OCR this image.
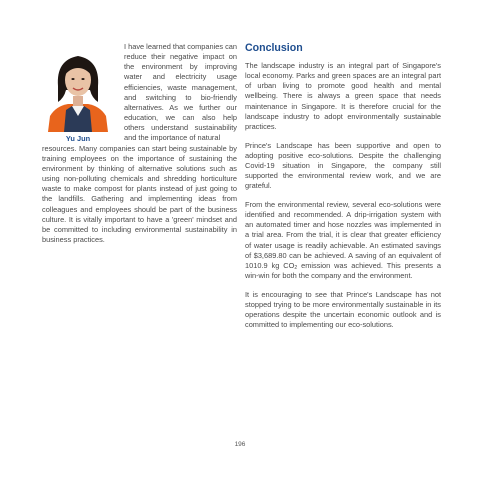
Yu Jun
I have learned that companies can reduce their negative impact on the environment by improving water and electricity usage efficiencies, waste management, and switching to bio-friendly alternatives. As we further our education, we can also help others understand sustainability and the importance of natural
resources. Many companies can start being sustainable by training employees on the importance of sustaining the environment by thinking of alternative solutions such as using non-polluting chemicals and shredding horticulture waste to make compost for plants instead of just going to the landfills. Gathering and implementing ideas from colleagues and employees should be part of the business culture. It is vitally important to have a 'green' mindset and be committed to including environmental sustainability in business practices.
Conclusion

The landscape industry is an integral part of Singapore's local economy. Parks and green spaces are an integral part of urban living to promote good health and mental wellbeing. There is always a green space that needs maintenance in Singapore. It is therefore crucial for the landscape industry to adopt environmentally sustainable practices.

Prince's Landscape has been supportive and open to adopting positive eco-solutions. Despite the challenging Covid-19 situation in Singapore, the company still supported the environmental review work, and we are grateful.

From the environmental review, several eco-solutions were identified and recommended. A drip-irrigation system with an automated timer and hose nozzles was implemented in a trial area. From the trial, it is clear that greater efficiency of water usage is readily achievable. An estimated savings of $3,689.80 can be achieved. A saving of an equivalent of 1010.9 kg $CO_2$ emission was achieved. This presents a win-win for both the company and the environment.

It is encouraging to see that Prince's Landscape has not stopped trying to be more environmentally sustainable in its operations despite the uncertain economic outlook and is committed to implementing our eco-solutions.

196
